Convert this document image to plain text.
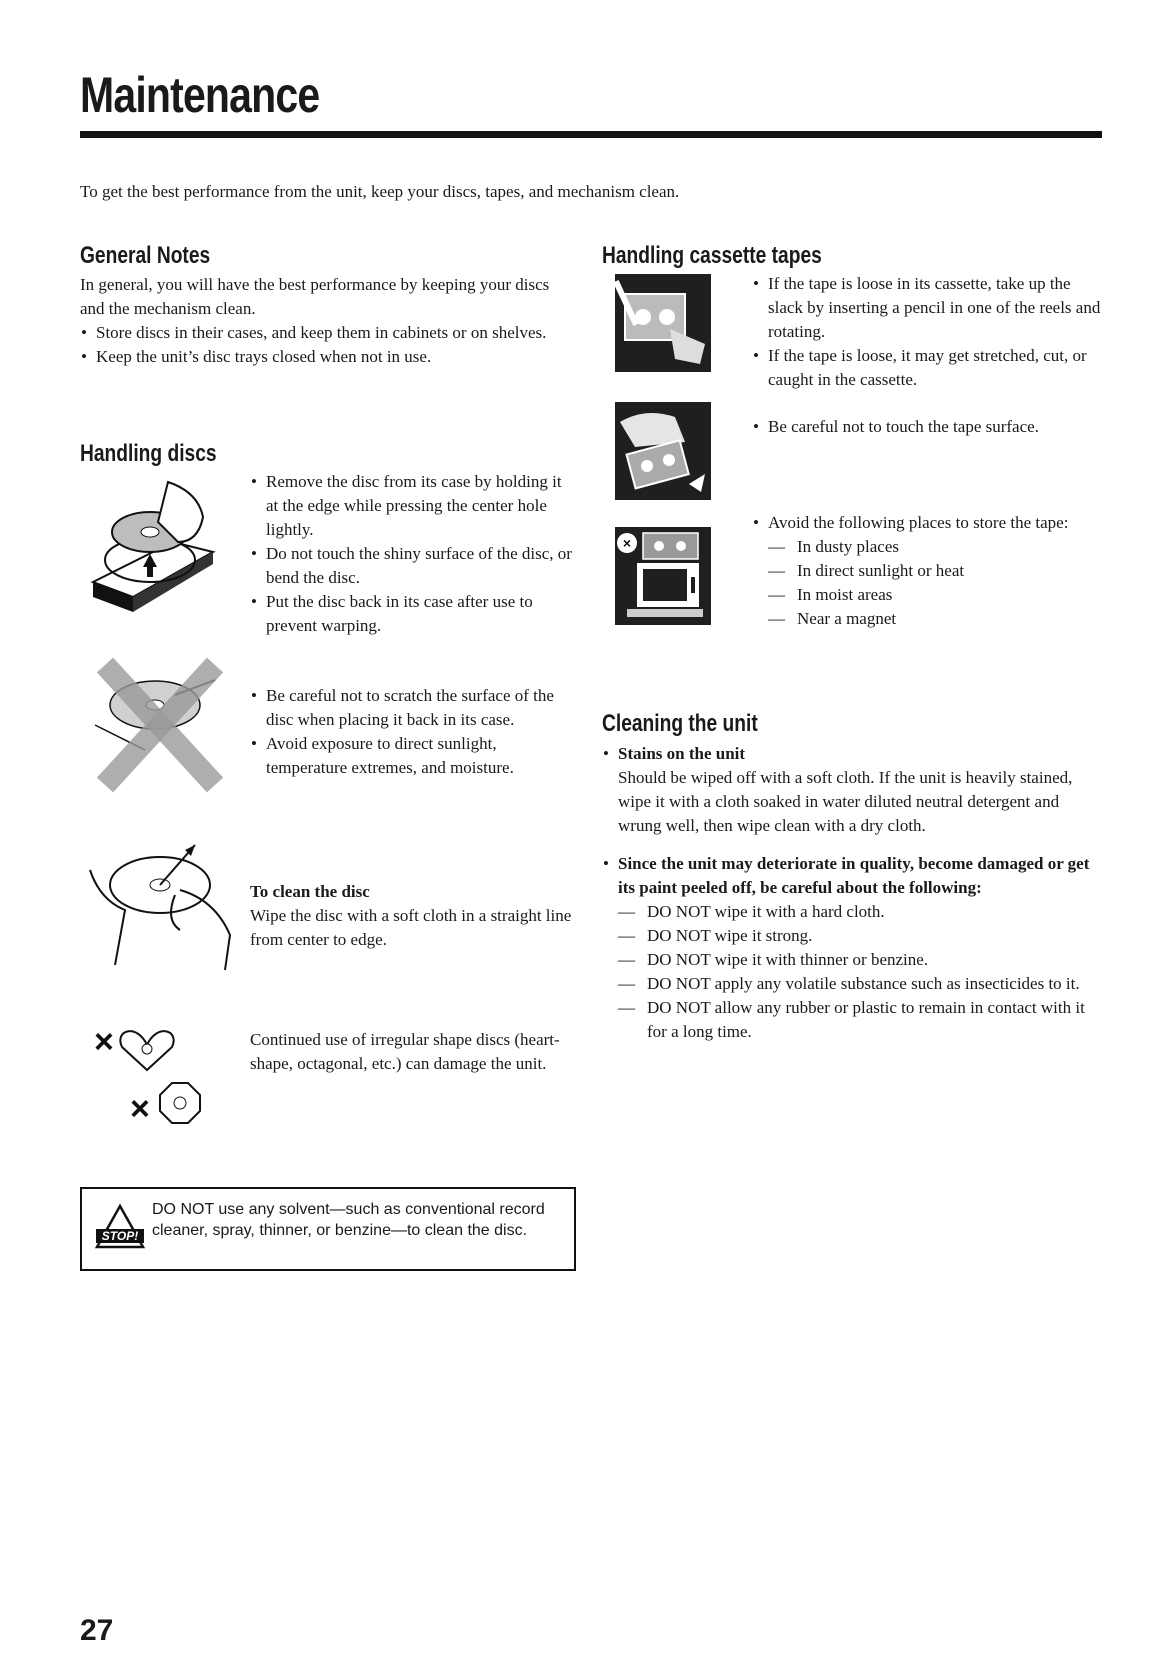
Maintenance
To get the best performance from the unit, keep your discs, tapes, and mechanism clean.
General Notes

In general, you will have the best performance by keeping your discs and the mechanism clean.

• Store discs in their cases, and keep them in cabinets or on shelves.
• Keep the unit’s disc trays closed when not in use.
Handling discs
• Remove the disc from its case by holding it at the edge while pressing the center hole lightly.
• Do not touch the shiny surface of the disc, or bend the disc.
• Put the disc back in its case after use to prevent warping.
• Be careful not to scratch the surface of the disc when placing it back in its case.
• Avoid exposure to direct sunlight, temperature extremes, and moisture.

To clean the disc

Wipe the disc with a soft cloth in a straight line from center to edge.

×
×
Continued use of irregular shape discs (heart-shape, octagonal, etc.) can damage the unit.
STOP!
DO NOT use any solvent—such as conventional record cleaner, spray, thinner, or benzine—to clean the disc.
Handling cassette tapes
• If the tape is loose in its cassette, take up the slack by inserting a pencil in one of the reels and rotating.
• If the tape is loose, it may get stretched, cut, or caught in the cassette.
• Be careful not to touch the tape surface.
×
• Avoid the following places to store the tape:
— In dusty places
— In direct sunlight or heat
— In moist areas
— Near a magnet
Cleaning the unit
• Stains on the unit

Should be wiped off with a soft cloth. If the unit is heavily stained, wipe it with a cloth soaked in water diluted neutral detergent and wrung well, then wipe clean with a dry cloth.

• Since the unit may deteriorate in quality, become damaged or get its paint peeled off, be careful about the following:
— DO NOT wipe it with a hard cloth.
— DO NOT wipe it strong.
— DO NOT wipe it with thinner or benzine.
— DO NOT apply any volatile substance such as insecticides to it.
— DO NOT allow any rubber or plastic to remain in contact with it for a long time.
27
